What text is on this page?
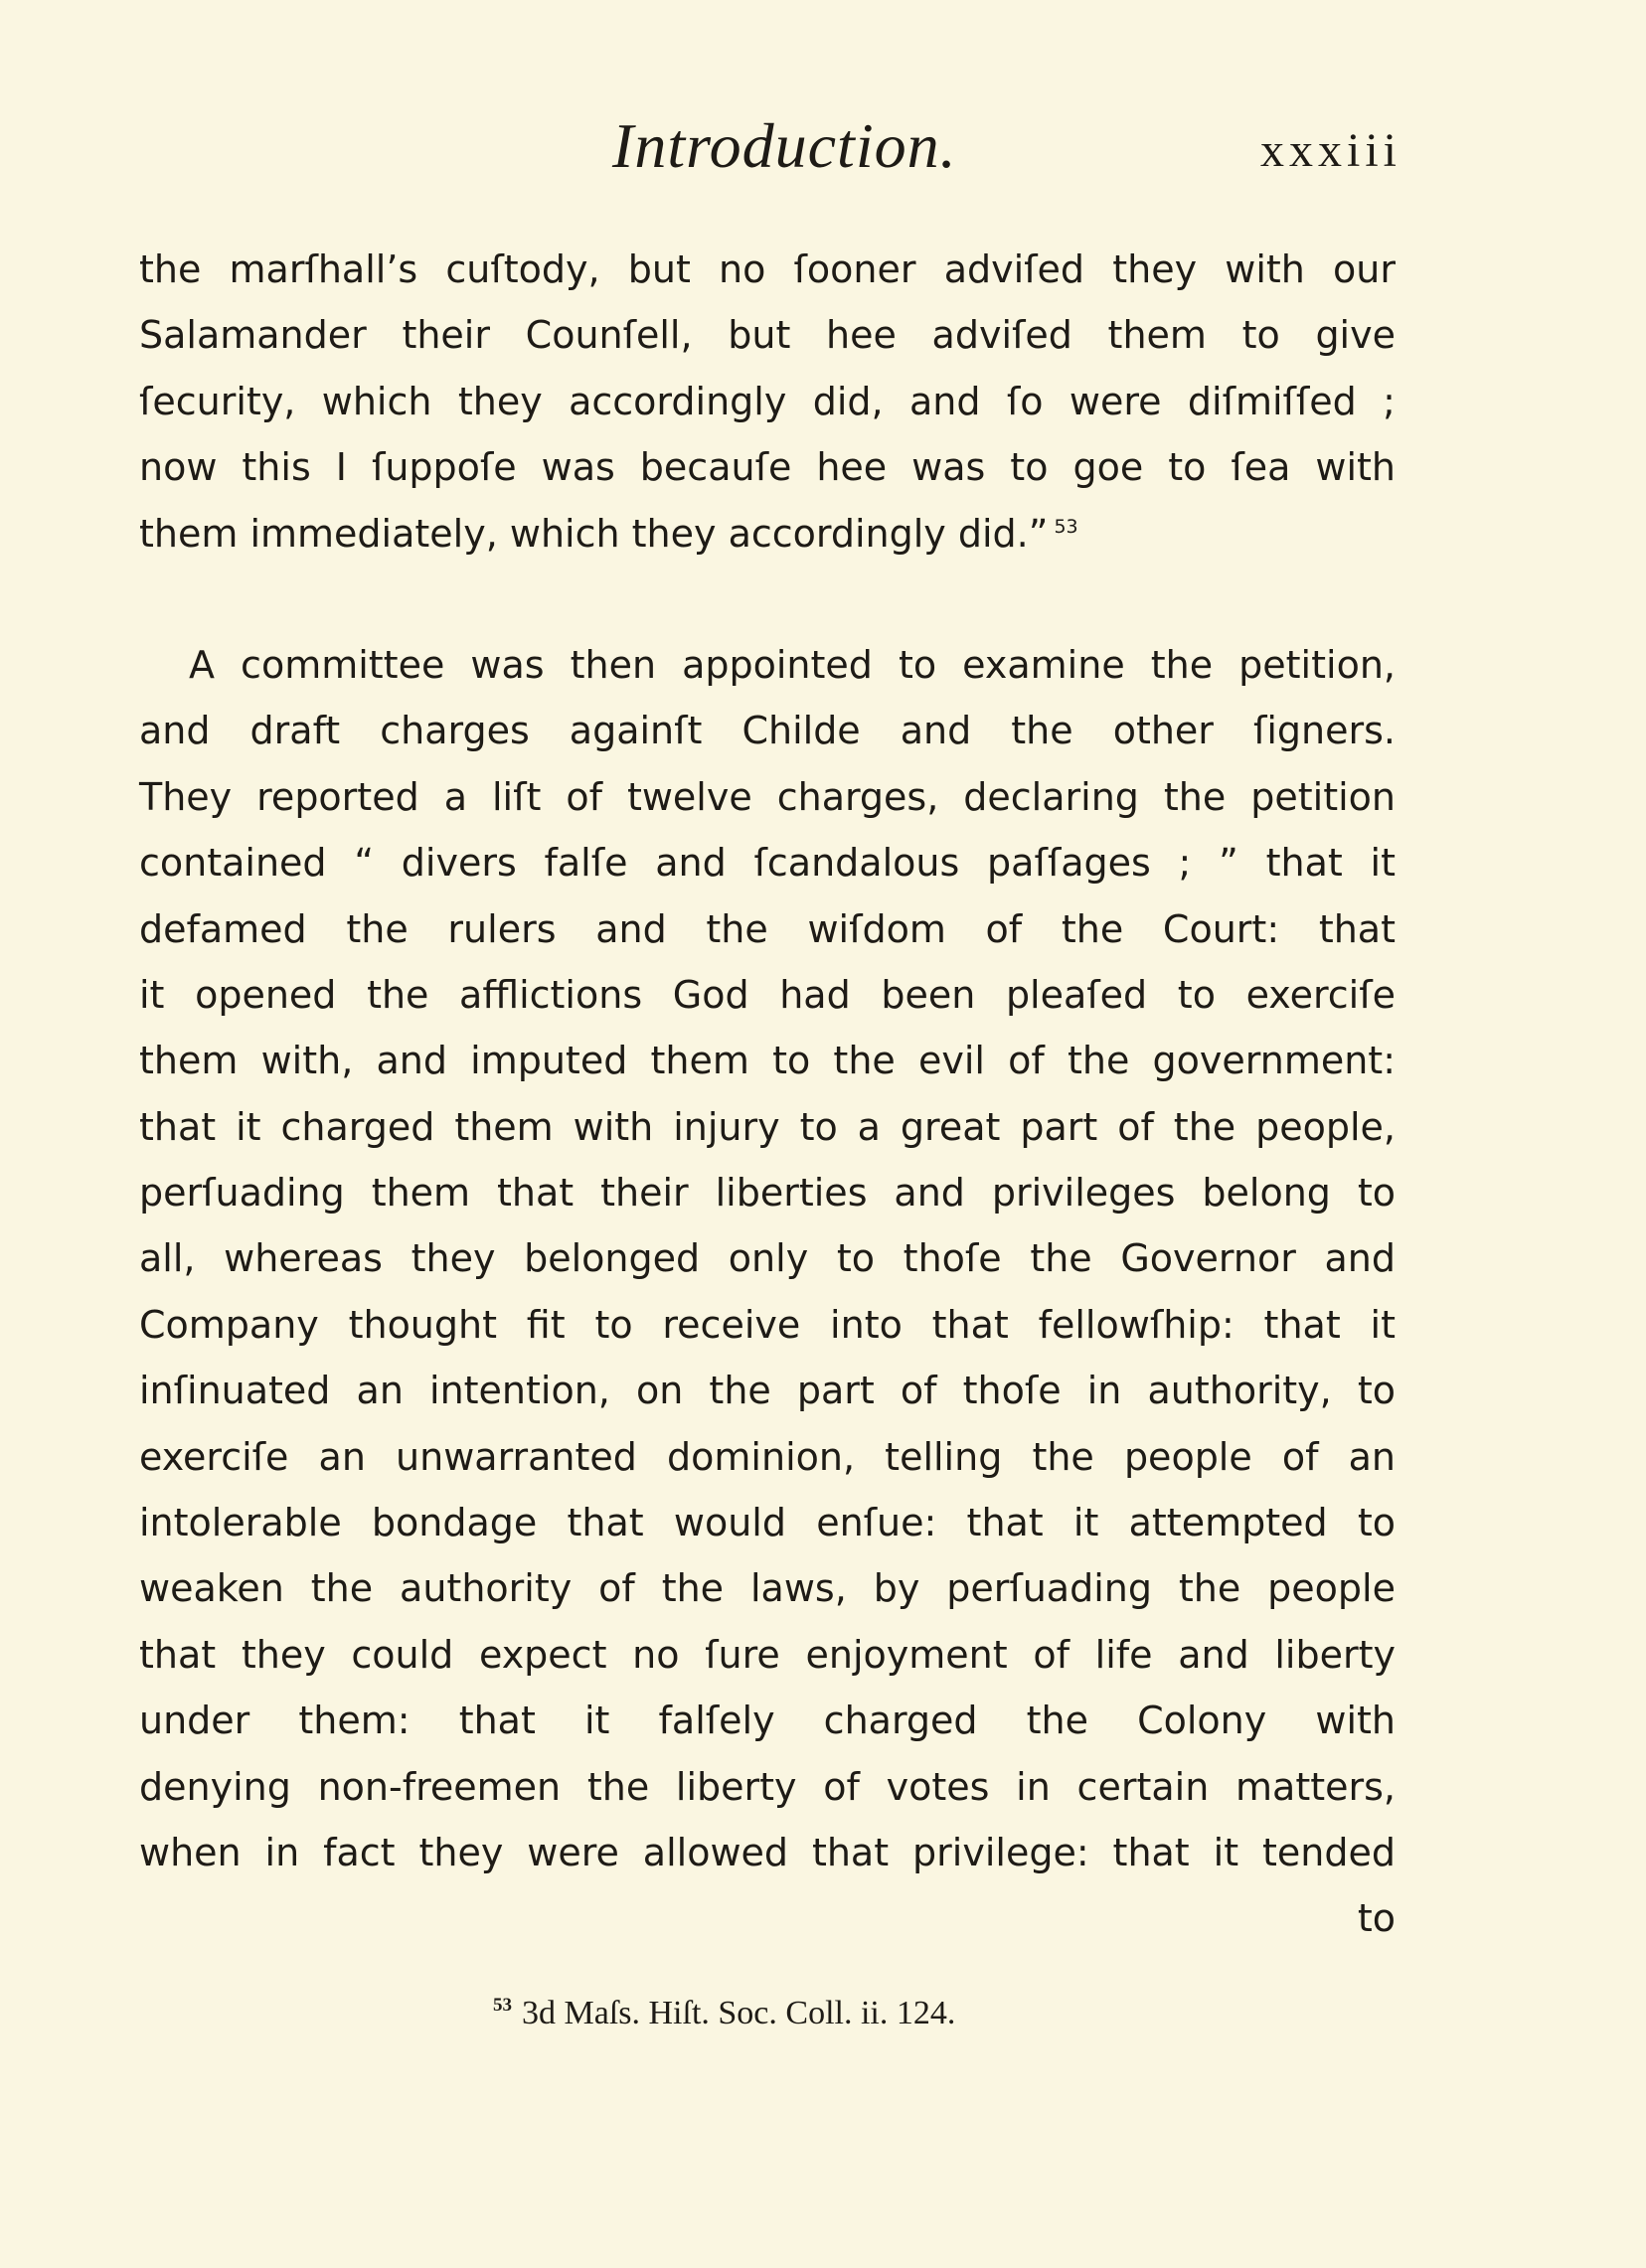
Introduction.	xxxiii
the marſhall’s cuſtody, but no ſooner adviſed they with our
Salamander their Counſell, but hee adviſed them to give
ſecurity, which they accordingly did, and ſo were diſmiſſed ;
now this I ſuppoſe was becauſe hee was to goe to ſea with
them immediately, which they accordingly did.” $^{53}$
A committee was then appointed to examine the petition,
and draft charges againſt Childe and the other ſigners.
They reported a liſt of twelve charges, declaring the petition
contained “ divers falſe and ſcandalous paſſages ; ” that it
defamed the rulers and the wiſdom of the Court: that
it opened the afflictions God had been pleaſed to exerciſe
them with, and imputed them to the evil of the government:
that it charged them with injury to a great part of the people,
perſuading them that their liberties and privileges belong to
all, whereas they belonged only to thoſe the Governor and
Company thought fit to receive into that fellowſhip: that it
inſinuated an intention, on the part of thoſe in authority, to
exerciſe an unwarranted dominion, telling the people of an
intolerable bondage that would enſue: that it attempted to
weaken the authority of the laws, by perſuading the people
that they could expect no ſure enjoyment of life and liberty
under them: that it falſely charged the Colony with
denying non-freemen the liberty of votes in certain matters,
when in fact they were allowed that privilege: that it tended
to
$^{53}$ 3d Maſs. Hiſt. Soc. Coll. ii. 124.
